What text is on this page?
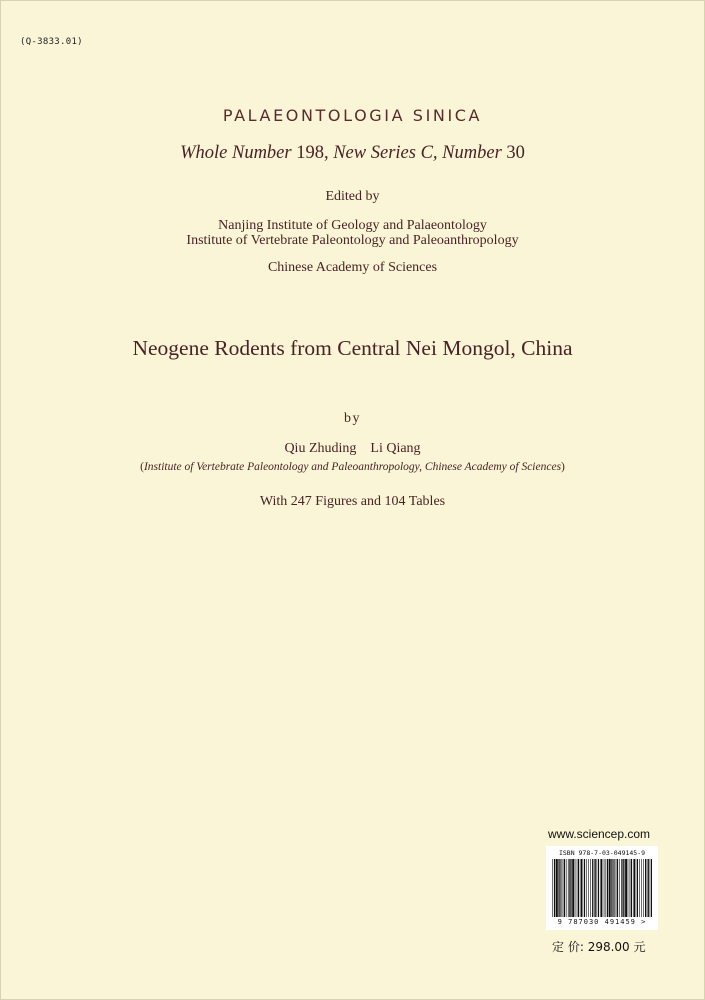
(Q-3833.01)
PALAEONTOLOGIA SINICA
Whole Number 198, New Series C, Number 30
Edited by
Nanjing Institute of Geology and Palaeontology
Institute of Vertebrate Paleontology and Paleoanthropology
Chinese Academy of Sciences
Neogene Rodents from Central Nei Mongol, China
by
Qiu Zhuding Li Qiang
(Institute of Vertebrate Paleontology and Paleoanthropology, Chinese Academy of Sciences)
With 247 Figures and 104 Tables
www.sciencep.com
ISBN 978-7-03-049145-9
9 787030 491459 >
定 价: 298.00 元
